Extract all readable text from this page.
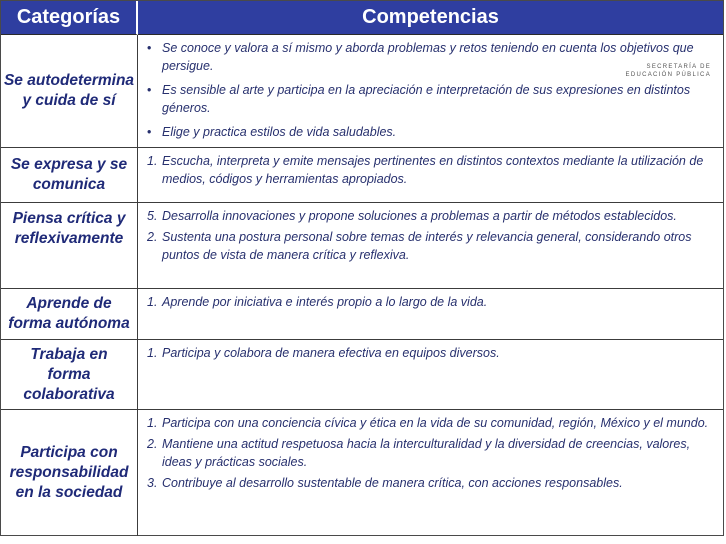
Categorías	Competencias
Se autodetermina y cuida de sí
• Se conoce y valora a sí mismo y aborda problemas y retos teniendo en cuenta los objetivos que persigue.
• Es sensible al arte y participa en la apreciación e interpretación de sus expresiones en distintos géneros.
• Elige y practica estilos de vida saludables.
SECRETARÍA DE
EDUCACIÓN PÚBLICA
Se expresa y se comunica
1. Escucha, interpreta y emite mensajes pertinentes en distintos contextos mediante la utilización de medios, códigos y herramientas apropiados.
Piensa crítica y reflexivamente
5. Desarrolla innovaciones y propone soluciones a problemas a partir de métodos establecidos.
2. Sustenta una postura personal sobre temas de interés y relevancia general, considerando otros puntos de vista de manera crítica y reflexiva.
Aprende de forma autónoma
1. Aprende por iniciativa e interés propio a lo largo de la vida.
Trabaja en forma colaborativa
1. Participa y colabora de manera efectiva en equipos diversos.
Participa con responsabilidad en la sociedad
1. Participa con una conciencia cívica y ética en la vida de su comunidad, región, México y el mundo.
2. Mantiene una actitud respetuosa hacia la interculturalidad y la diversidad de creencias, valores, ideas y prácticas sociales.
3. Contribuye al desarrollo sustentable de manera crítica, con acciones responsables.
